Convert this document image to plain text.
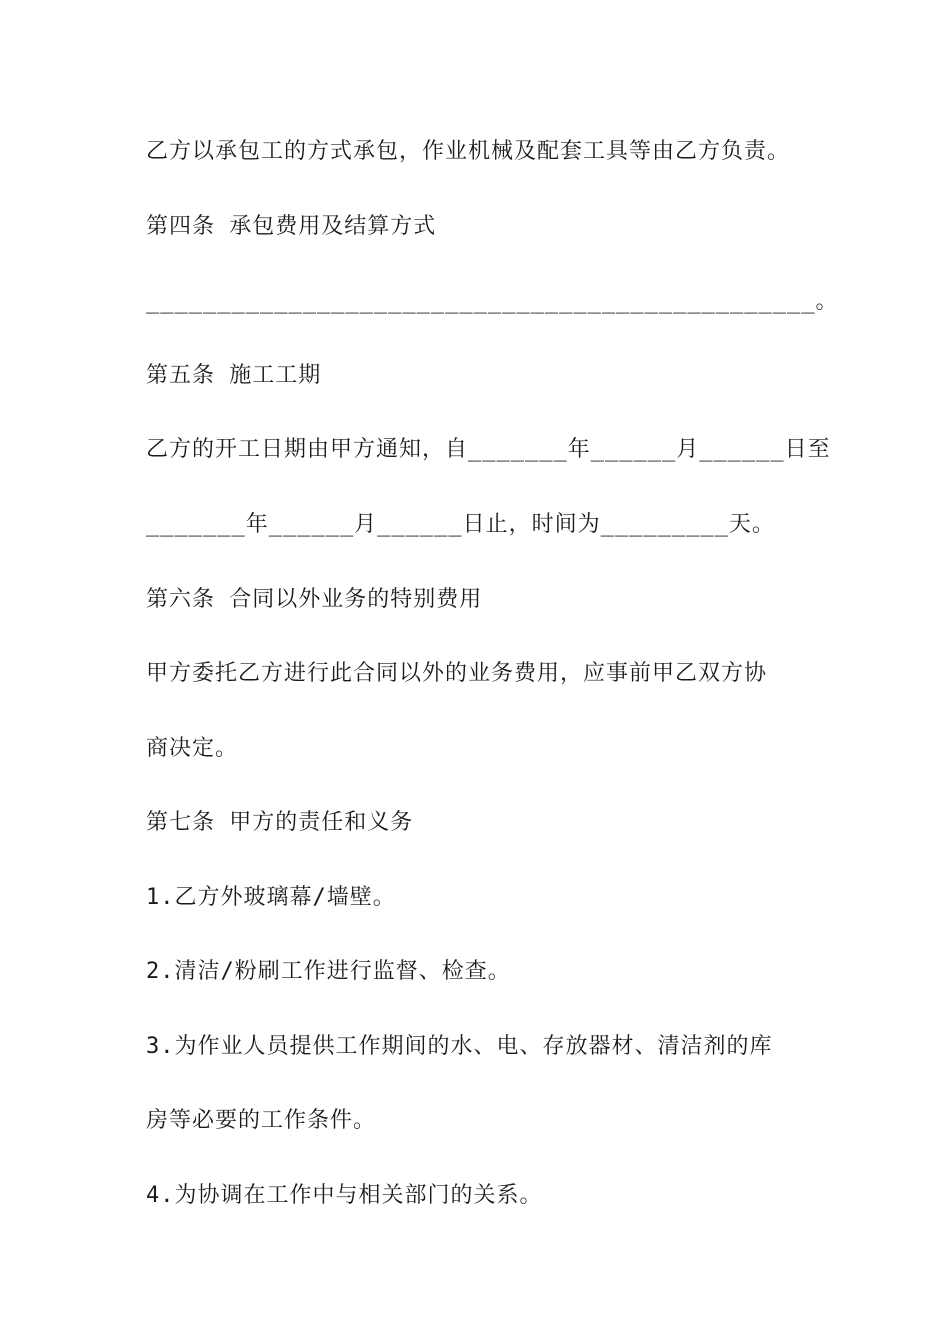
乙方以承包工的方式承包，作业机械及配套工具等由乙方负责。
第四条 承包费用及结算方式
_______________________________________________。
第五条 施工工期
乙方的开工日期由甲方通知，自_______年______月______日至
_______年______月______日止，时间为_________天。
第六条 合同以外业务的特别费用
甲方委托乙方进行此合同以外的业务费用，应事前甲乙双方协
商决定。
第七条 甲方的责任和义务
1.乙方外玻璃幕/墙壁。
2.清洁/粉刷工作进行监督、检查。
3.为作业人员提供工作期间的水、电、存放器材、清洁剂的库
房等必要的工作条件。
4.为协调在工作中与相关部门的关系。
